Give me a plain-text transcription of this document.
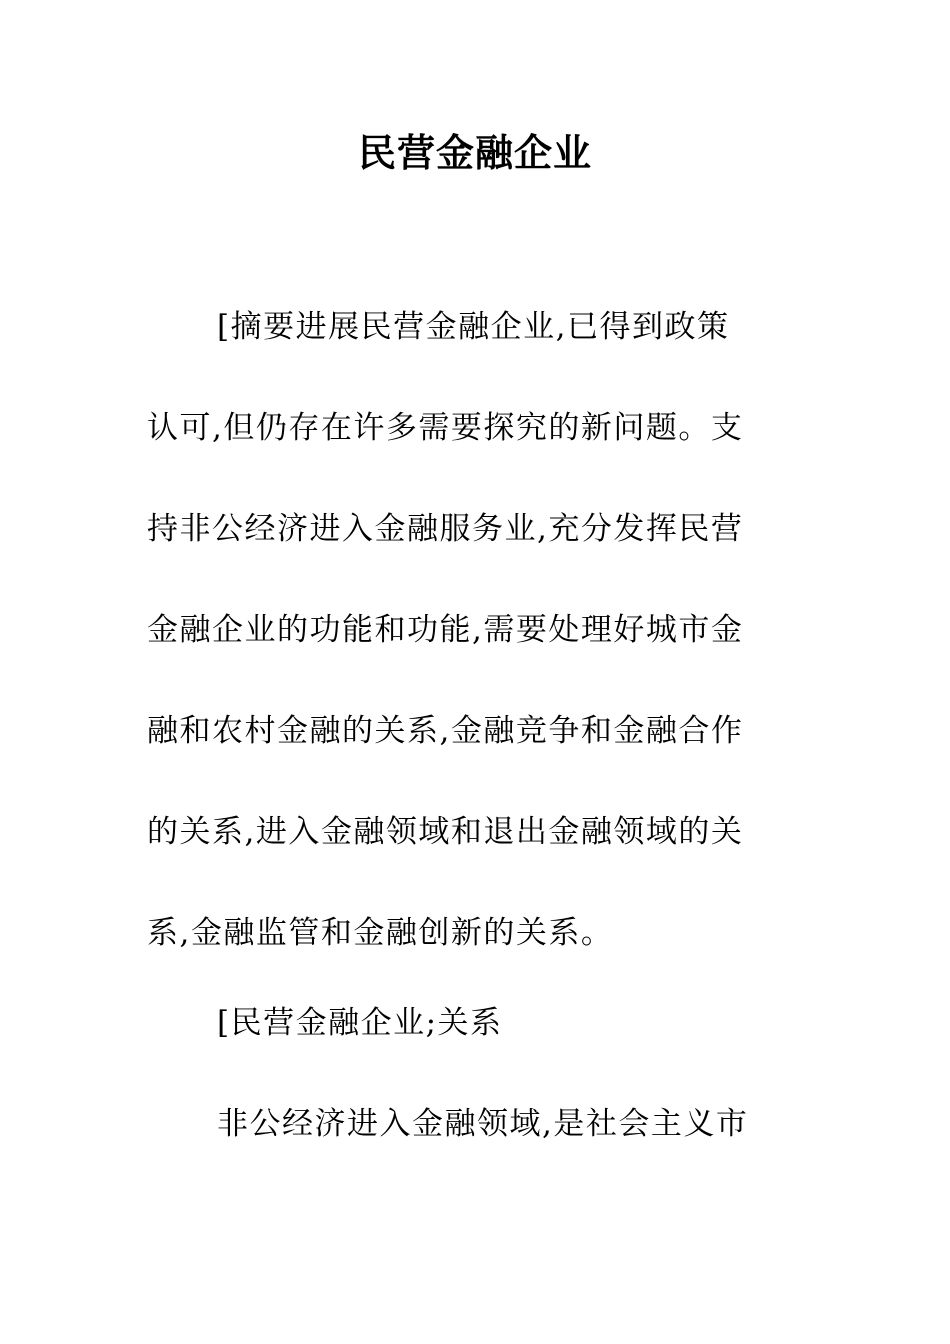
民营金融企业
[摘要进展民营金融企业,已得到政策
认可,但仍存在许多需要探究的新问题。支
持非公经济进入金融服务业,充分发挥民营
金融企业的功能和功能,需要处理好城市金
融和农村金融的关系,金融竞争和金融合作
的关系,进入金融领域和退出金融领域的关
系,金融监管和金融创新的关系。
[民营金融企业;关系
非公经济进入金融领域,是社会主义市
